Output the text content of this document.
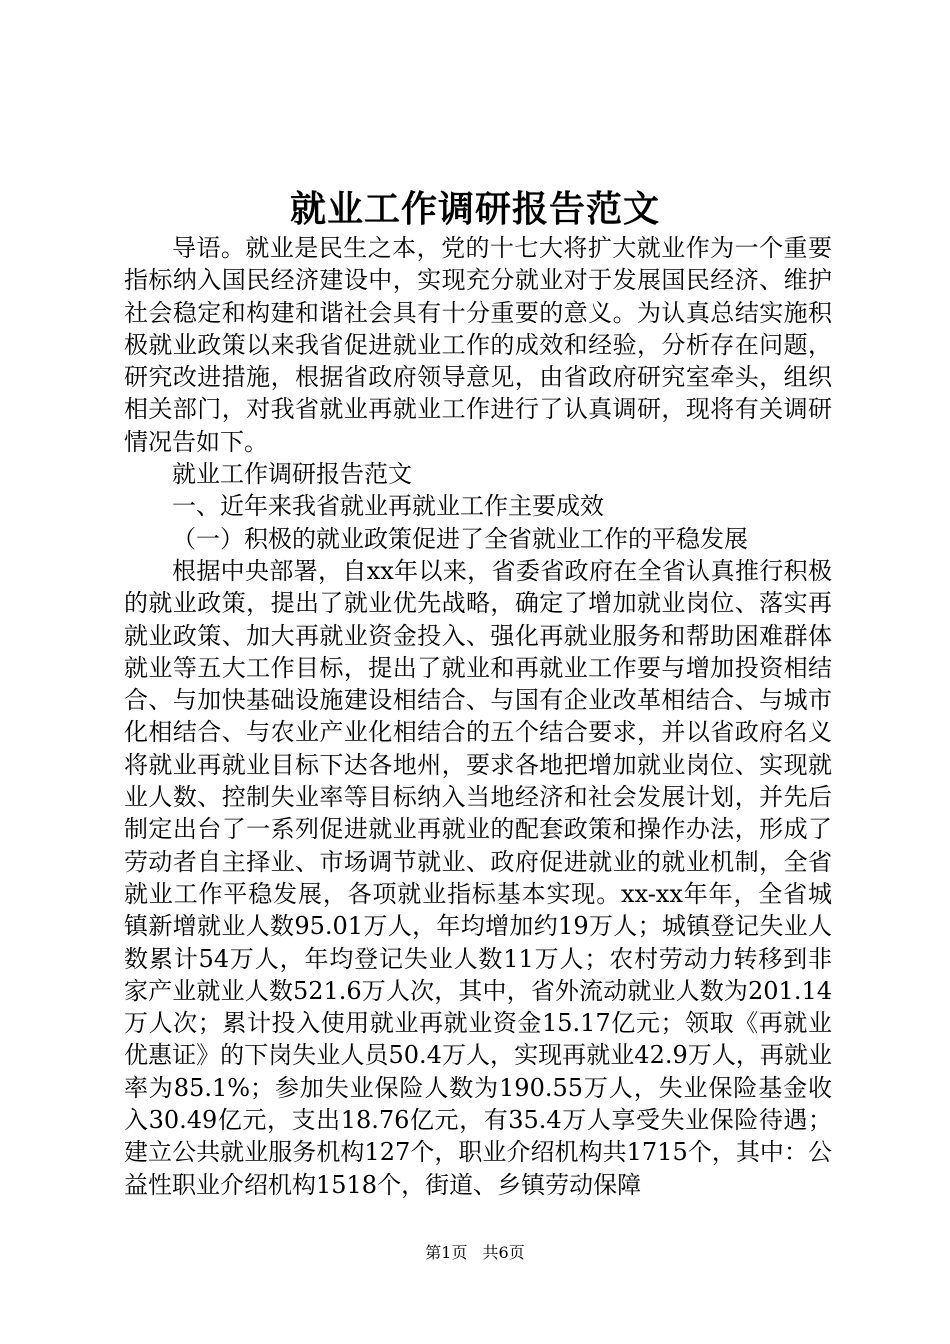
就业工作调研报告范文

导语。就业是民生之本，党的十七大将扩大就业作为一个重要指标纳入国民经济建设中，实现充分就业对于发展国民经济、维护社会稳定和构建和谐社会具有十分重要的意义。为认真总结实施积极就业政策以来我省促进就业工作的成效和经验，分析存在问题，研究改进措施，根据省政府领导意见，由省政府研究室牵头，组织相关部门，对我省就业再就业工作进行了认真调研，现将有关调研情况告如下。

就业工作调研报告范文

一、近年来我省就业再就业工作主要成效

（一）积极的就业政策促进了全省就业工作的平稳发展

根据中央部署，自xx年以来，省委省政府在全省认真推行积极的就业政策，提出了就业优先战略，确定了增加就业岗位、落实再就业政策、加大再就业资金投入、强化再就业服务和帮助困难群体就业等五大工作目标，提出了就业和再就业工作要与增加投资相结合、与加快基础设施建设相结合、与国有企业改革相结合、与城市化相结合、与农业产业化相结合的五个结合要求，并以省政府名义将就业再就业目标下达各地州，要求各地把增加就业岗位、实现就业人数、控制失业率等目标纳入当地经济和社会发展计划，并先后制定出台了一系列促进就业再就业的配套政策和操作办法，形成了劳动者自主择业、市场调节就业、政府促进就业的就业机制，全省就业工作平稳发展，各项就业指标基本实现。xx-xx年年，全省城镇新增就业人数95.01万人，年均增加约19万人；城镇登记失业人数累计54万人，年均登记失业人数11万人；农村劳动力转移到非家产业就业人数521.6万人次，其中，省外流动就业人数为201.14万人次；累计投入使用就业再就业资金15.17亿元；领取《再就业优惠证》的下岗失业人员50.4万人，实现再就业42.9万人，再就业率为85.1%；参加失业保险人数为190.55万人，失业保险基金收入30.49亿元，支出18.76亿元，有35.4万人享受失业保险待遇；建立公共就业服务机构127个，职业介绍机构共1715个，其中：公益性职业介绍机构1518个，街道、乡镇劳动保障

第1页 共6页
